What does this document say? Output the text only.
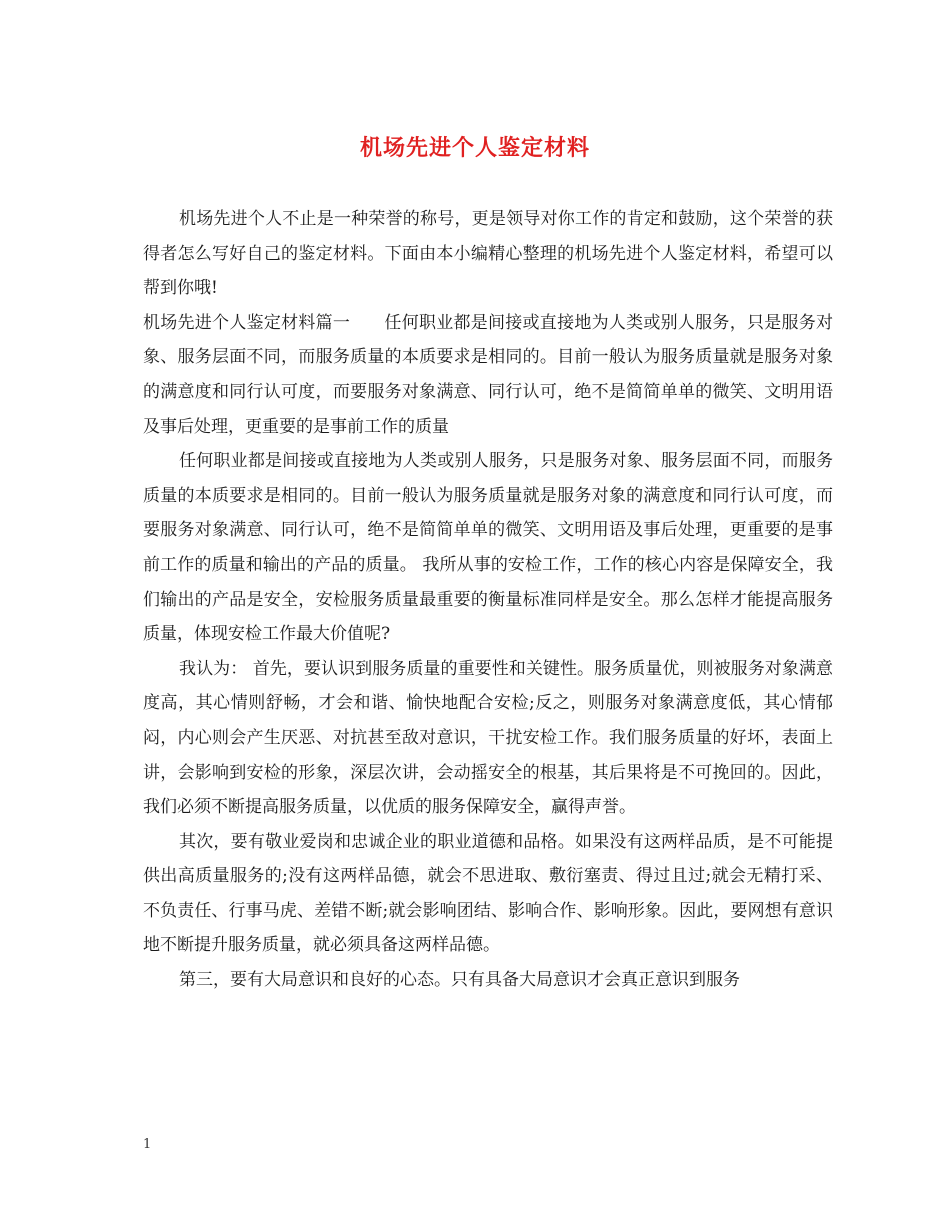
机场先进个人鉴定材料

机场先进个人不止是一种荣誉的称号，更是领导对你工作的肯定和鼓励，这个荣誉的获得者怎么写好自己的鉴定材料。下面由本小编精心整理的机场先进个人鉴定材料，希望可以帮到你哦!

机场先进个人鉴定材料篇一 任何职业都是间接或直接地为人类或别人服务，只是服务对象、服务层面不同，而服务质量的本质要求是相同的。目前一般认为服务质量就是服务对象的满意度和同行认可度，而要服务对象满意、同行认可，绝不是简简单单的微笑、文明用语及事后处理，更重要的是事前工作的质量

任何职业都是间接或直接地为人类或别人服务，只是服务对象、服务层面不同，而服务质量的本质要求是相同的。目前一般认为服务质量就是服务对象的满意度和同行认可度，而要服务对象满意、同行认可，绝不是简简单单的微笑、文明用语及事后处理，更重要的是事前工作的质量和输出的产品的质量。 我所从事的安检工作，工作的核心内容是保障安全，我们输出的产品是安全，安检服务质量最重要的衡量标准同样是安全。那么怎样才能提高服务质量，体现安检工作最大价值呢?

我认为： 首先，要认识到服务质量的重要性和关键性。服务质量优，则被服务对象满意度高，其心情则舒畅，才会和谐、愉快地配合安检;反之，则服务对象满意度低，其心情郁闷，内心则会产生厌恶、对抗甚至敌对意识，干扰安检工作。我们服务质量的好坏，表面上讲，会影响到安检的形象，深层次讲，会动摇安全的根基，其后果将是不可挽回的。因此，我们必须不断提高服务质量，以优质的服务保障安全，赢得声誉。

其次，要有敬业爱岗和忠诚企业的职业道德和品格。如果没有这两样品质，是不可能提供出高质量服务的;没有这两样品德，就会不思进取、敷衍塞责、得过且过;就会无精打采、不负责任、行事马虎、差错不断;就会影响团结、影响合作、影响形象。因此，要网想有意识地不断提升服务质量，就必须具备这两样品德。

第三，要有大局意识和良好的心态。只有具备大局意识才会真正意识到服务

1
